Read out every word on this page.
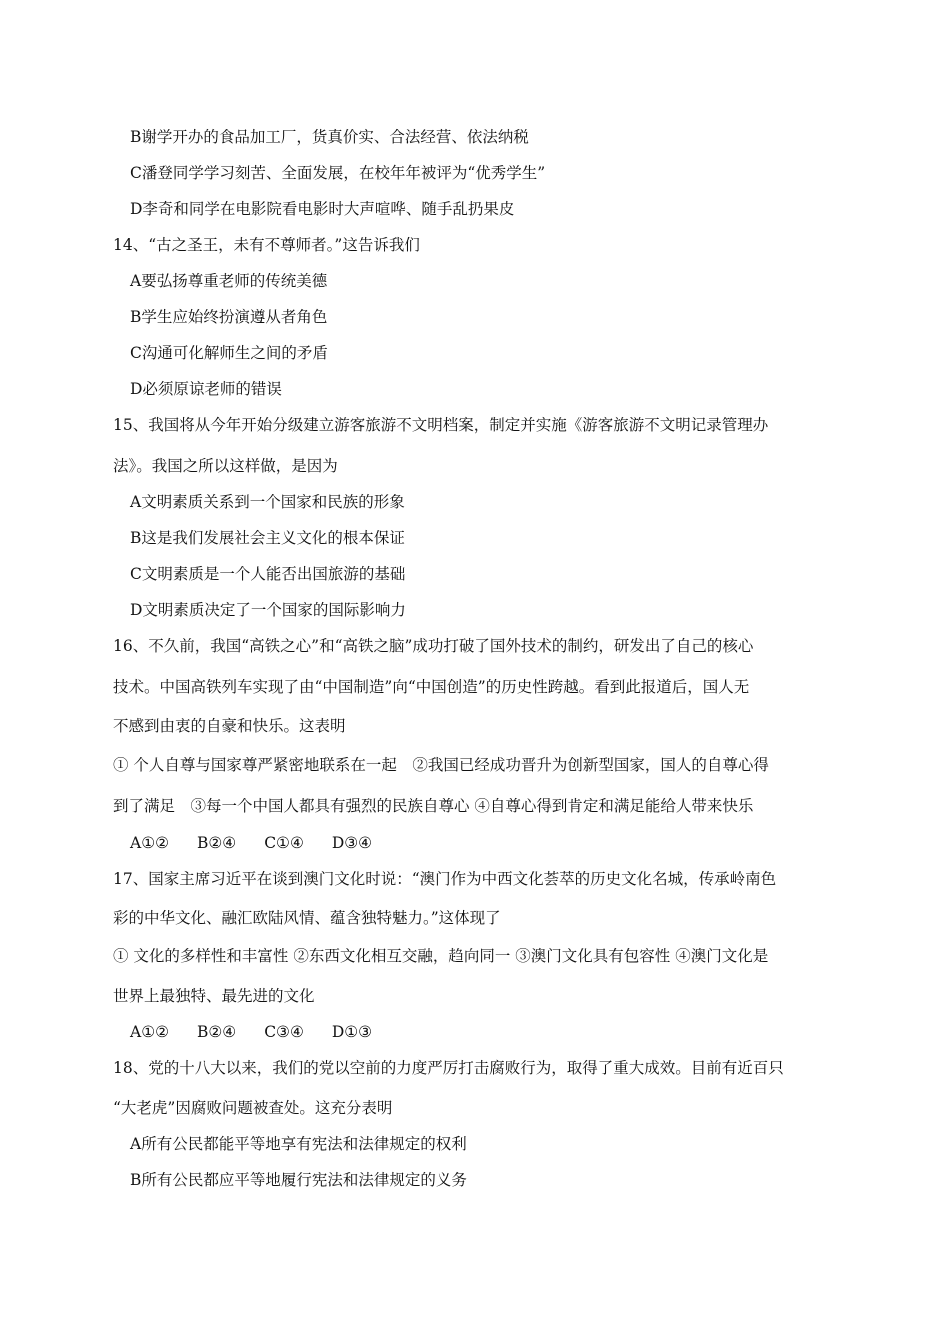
B谢学开办的食品加工厂，货真价实、合法经营、依法纳税
C潘登同学学习刻苦、全面发展，在校年年被评为“优秀学生”
D李奇和同学在电影院看电影时大声喧哗、随手乱扔果皮
14、“古之圣王，未有不尊师者。”这告诉我们
A要弘扬尊重老师的传统美德
B学生应始终扮演遵从者角色
C沟通可化解师生之间的矛盾
D必须原谅老师的错误
15、我国将从今年开始分级建立游客旅游不文明档案，制定并实施《游客旅游不文明记录管理办
法》。我国之所以这样做，是因为
A文明素质关系到一个国家和民族的形象
B这是我们发展社会主义文化的根本保证
C文明素质是一个人能否出国旅游的基础
D文明素质决定了一个国家的国际影响力
16、不久前，我国“高铁之心”和“高铁之脑”成功打破了国外技术的制约，研发出了自己的核心
技术。中国高铁列车实现了由“中国制造”向“中国创造”的历史性跨越。看到此报道后，国人无
不感到由衷的自豪和快乐。这表明
① 个人自尊与国家尊严紧密地联系在一起　②我国已经成功晋升为创新型国家，国人的自尊心得
到了满足　③每一个中国人都具有强烈的民族自尊心 ④自尊心得到肯定和满足能给人带来快乐
A①② B②④ C①④ D③④
17、国家主席习近平在谈到澳门文化时说：“澳门作为中西文化荟萃的历史文化名城，传承岭南色
彩的中华文化、融汇欧陆风情、蕴含独特魅力。”这体现了
① 文化的多样性和丰富性 ②东西文化相互交融，趋向同一 ③澳门文化具有包容性 ④澳门文化是
世界上最独特、最先进的文化
A①② B②④ C③④ D①③
18、党的十八大以来，我们的党以空前的力度严厉打击腐败行为，取得了重大成效。目前有近百只
“大老虎”因腐败问题被查处。这充分表明
A所有公民都能平等地享有宪法和法律规定的权利
B所有公民都应平等地履行宪法和法律规定的义务
